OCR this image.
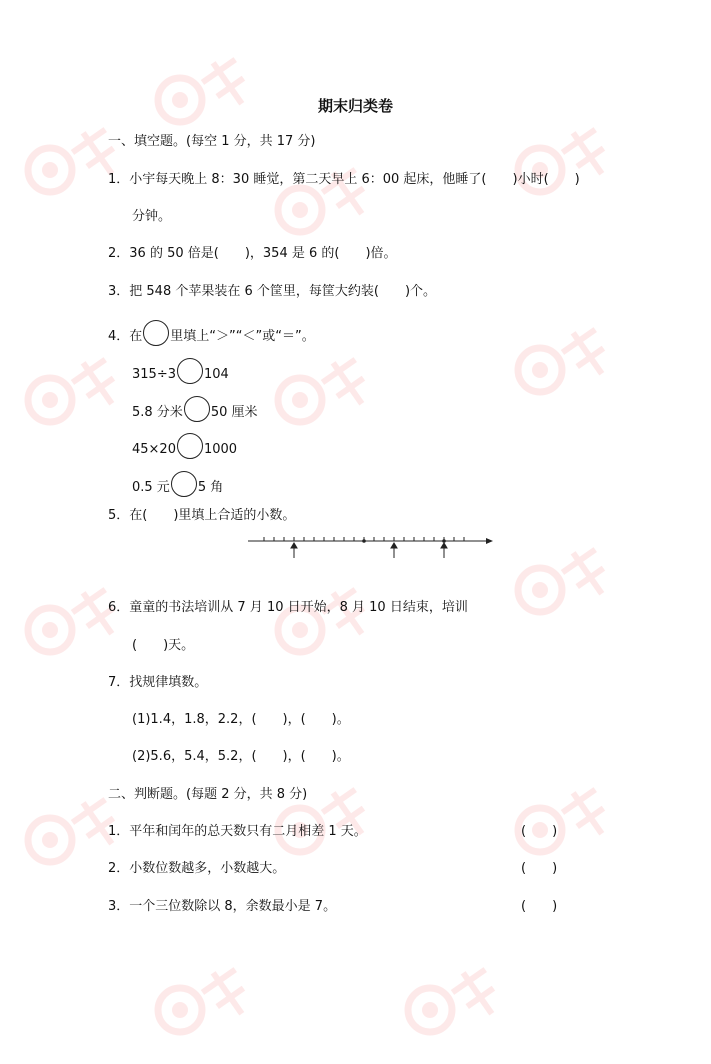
期末归类卷
一、填空题。(每空 1 分，共 17 分)
1．小宇每天晚上 8：30 睡觉，第二天早上 6：00 起床，他睡了(　　)小时(　　)
分钟。
2．36 的 50 倍是(　　)，354 是 6 的(　　)倍。
3．把 548 个苹果装在 6 个筐里，每筐大约装(　　)个。
4．在 里填上“＞”“＜”或“＝”。
315÷3 104
5.8 分米 50 厘米
45×20 1000
0.5 元 5 角
5．在(　　)里填上合适的小数。
6．童童的书法培训从 7 月 10 日开始，8 月 10 日结束，培训
(　　)天。
7．找规律填数。
(1)1.4，1.8，2.2，(　　)，(　　)。
(2)5.6，5.4，5.2，(　　)，(　　)。
二、判断题。(每题 2 分，共 8 分)
1．平年和闰年的总天数只有二月相差 1 天。	(　　)
2．小数位数越多，小数越大。	(　　)
3．一个三位数除以 8，余数最小是 7。	(　　)
